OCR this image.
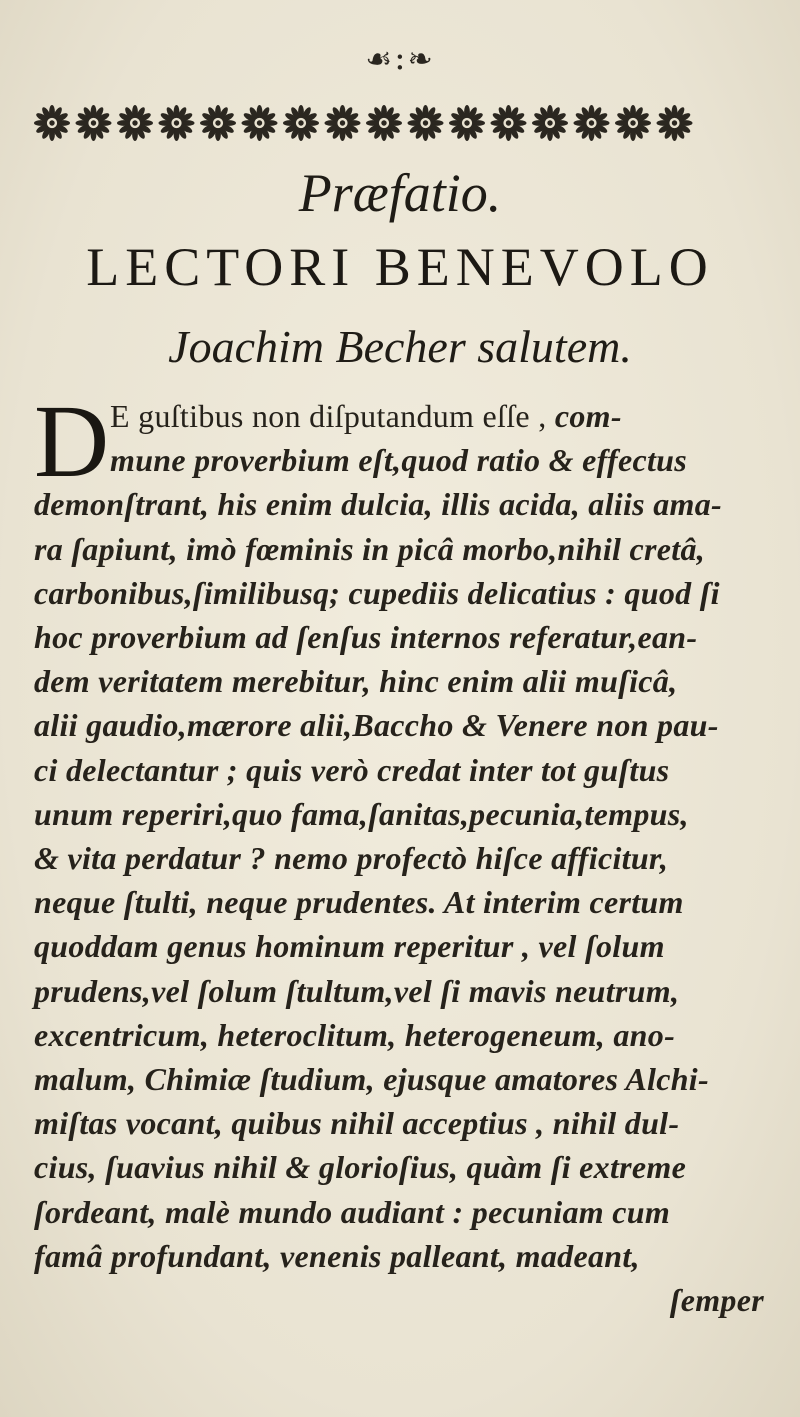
☙:❧
Præfatio.
LECTORI BENEVOLO
Joachim Becher salutem.
D E guſtibus non diſputandum eſſe , com-
mune proverbium eſt,quod ratio & effectus
demonſtrant, his enim dulcia, illis acida, aliis ama-
ra ſapiunt, imò fœminis in picâ morbo,nihil cretâ,
carbonibus,ſimilibusq; cupediis delicatius : quod ſi
hoc proverbium ad ſenſus internos referatur,ean-
dem veritatem merebitur, hinc enim alii muſicâ,
alii gaudio,mærore alii,Baccho & Venere non pau-
ci delectantur ; quis verò credat inter tot guſtus
unum reperiri,quo fama,ſanitas,pecunia,tempus,
& vita perdatur ? nemo profectò hiſce afficitur,
neque ſtulti, neque prudentes. At interim certum
quoddam genus hominum reperitur , vel ſolum
prudens,vel ſolum ſtultum,vel ſi mavis neutrum,
excentricum, heteroclitum, heterogeneum, ano-
malum, Chimiæ ſtudium, ejusque amatores Alchi-
miſtas vocant, quibus nihil acceptius , nihil dul-
cius, ſuavius nihil & glorioſius, quàm ſi extreme
ſordeant, malè mundo audiant : pecuniam cum
famâ profundant, venenis palleant, madeant,
ſemper
